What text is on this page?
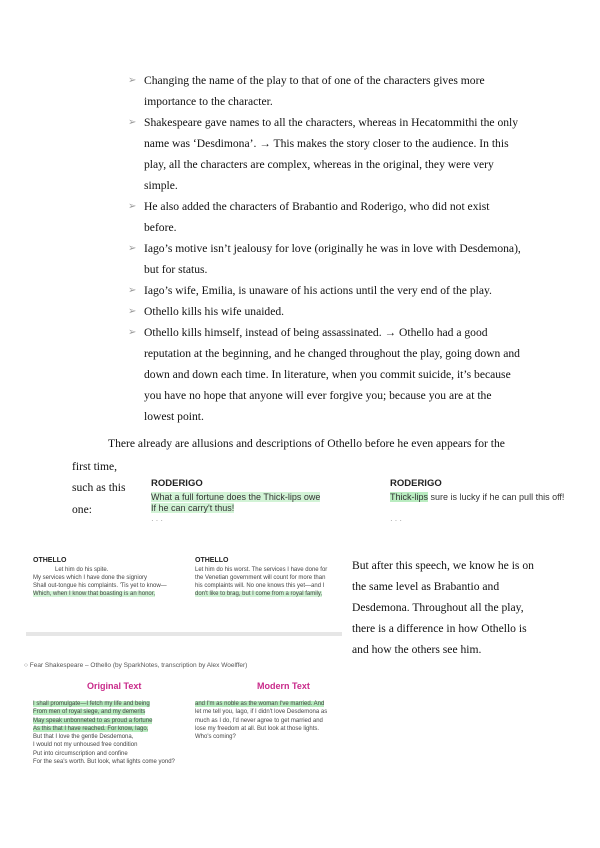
➢ Changing the name of the play to that of one of the characters gives more importance to the character.
➢ Shakespeare gave names to all the characters, whereas in Hecatommithi the only name was ‘Desdimona’. → This makes the story closer to the audience. In this play, all the characters are complex, whereas in the original, they were very simple.
➢ He also added the characters of Brabantio and Roderigo, who did not exist before.
➢ Iago’s motive isn’t jealousy for love (originally he was in love with Desdemona), but for status.
➢ Iago’s wife, Emilia, is unaware of his actions until the very end of the play.
➢ Othello kills his wife unaided.
➢ Othello kills himself, instead of being assassinated. → Othello had a good reputation at the beginning, and he changed throughout the play, going down and down and down each time. In literature, when you commit suicide, it’s because you have no hope that anyone will ever forgive you; because you are at the lowest point.
There already are allusions and descriptions of Othello before he even appears for the
first time,
such as this
one:
RODERIGO
What a full fortune does the Thick-lips owe
If he can carry't thus!
···
RODERIGO
Thick-lips sure is lucky if he can pull this off!
···
OTHELLO
Let him do his spite.
My services which I have done the signiory
Shall out-tongue his complaints. 'Tis yet to know—
Which, when I know that boasting is an honor,
OTHELLO
Let him do his worst. The services I have done for
the Venetian government will count for more than
his complaints will. No one knows this yet—and I
don't like to brag, but I come from a royal family,
But after this speech, we know he is on the same level as Brabantio and Desdemona. Throughout all the play, there is a difference in how Othello is and how the others see him.
○ Fear Shakespeare – Othello (by SparkNotes, transcription by Alex Woelffer)
Original Text	Modern Text
I shall promulgate—I fetch my life and being
From men of royal siege, and my demerits
May speak unbonneted to as proud a fortune
As this that I have reached. For know, Iago,
But that I love the gentle Desdemona,
I would not my unhoused free condition
Put into circumscription and confine
For the sea's worth. But look, what lights come yond?
and I'm as noble as the woman I've married. And
let me tell you, Iago, if I didn't love Desdemona as
much as I do, I'd never agree to get married and
lose my freedom at all. But look at those lights.
Who's coming?
